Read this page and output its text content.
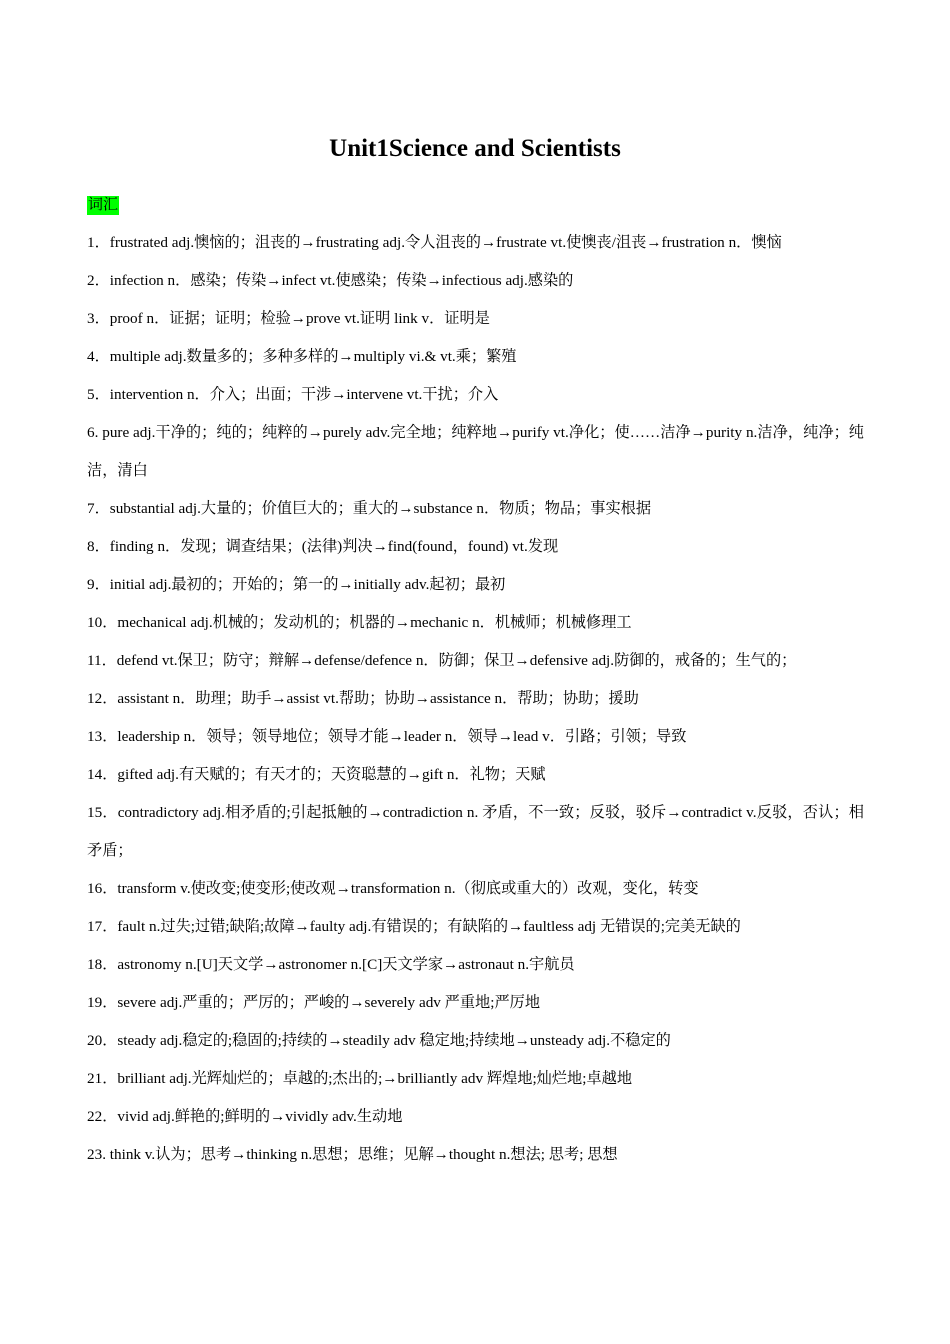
Unit1Science and Scientists
词汇
1．frustrated adj.懊恼的；沮丧的→frustrating adj.令人沮丧的→frustrate vt.使懊丧/沮丧→frustration n．懊恼
2．infection n．感染；传染→infect vt.使感染；传染→infectious adj.感染的
3．proof n．证据；证明；检验→prove vt.证明 link v．证明是
4．multiple adj.数量多的；多种多样的→multiply vi.& vt.乘；繁殖
5．intervention n．介入；出面；干涉→intervene vt.干扰；介入
6. pure adj.干净的；纯的；纯粹的→purely adv.完全地；纯粹地→purify vt.净化；使……洁净→purity n.洁净，纯净；纯洁，清白
7．substantial adj.大量的；价值巨大的；重大的→substance n．物质；物品；事实根据
8．finding n．发现；调查结果；(法律)判决→find(found，found) vt.发现
9．initial adj.最初的；开始的；第一的→initially adv.起初；最初
10．mechanical adj.机械的；发动机的；机器的→mechanic n．机械师；机械修理工
11．defend vt.保卫；防守；辩解→defense/defence n．防御；保卫→defensive adj.防御的，戒备的；生气的；
12．assistant n．助理；助手→assist vt.帮助；协助→assistance n．帮助；协助；援助
13．leadership n．领导；领导地位；领导才能→leader n．领导→lead v．引路；引领；导致
14．gifted adj.有天赋的；有天才的；天资聪慧的→gift n．礼物；天赋
15．contradictory adj.相矛盾的;引起抵触的→contradiction n. 矛盾，不一致；反驳，驳斥→contradict v.反驳，否认；相矛盾；
16．transform v.使改变;使变形;使改观→transformation n.（彻底或重大的）改观，变化，转变
17．fault n.过失;过错;缺陷;故障→faulty adj.有错误的；有缺陷的→faultless adj 无错误的;完美无缺的
18．astronomy n.[U]天文学→astronomer n.[C]天文学家→astronaut n.宇航员
19．severe adj.严重的；严厉的；严峻的→severely adv 严重地;严厉地
20．steady adj.稳定的;稳固的;持续的→steadily adv 稳定地;持续地→unsteady adj.不稳定的
21．brilliant adj.光辉灿烂的；卓越的;杰出的;→brilliantly adv 辉煌地;灿烂地;卓越地
22．vivid adj.鲜艳的;鲜明的→vividly adv.生动地
23. think v.认为；思考→thinking n.思想；思维；见解→thought n.想法; 思考; 思想
